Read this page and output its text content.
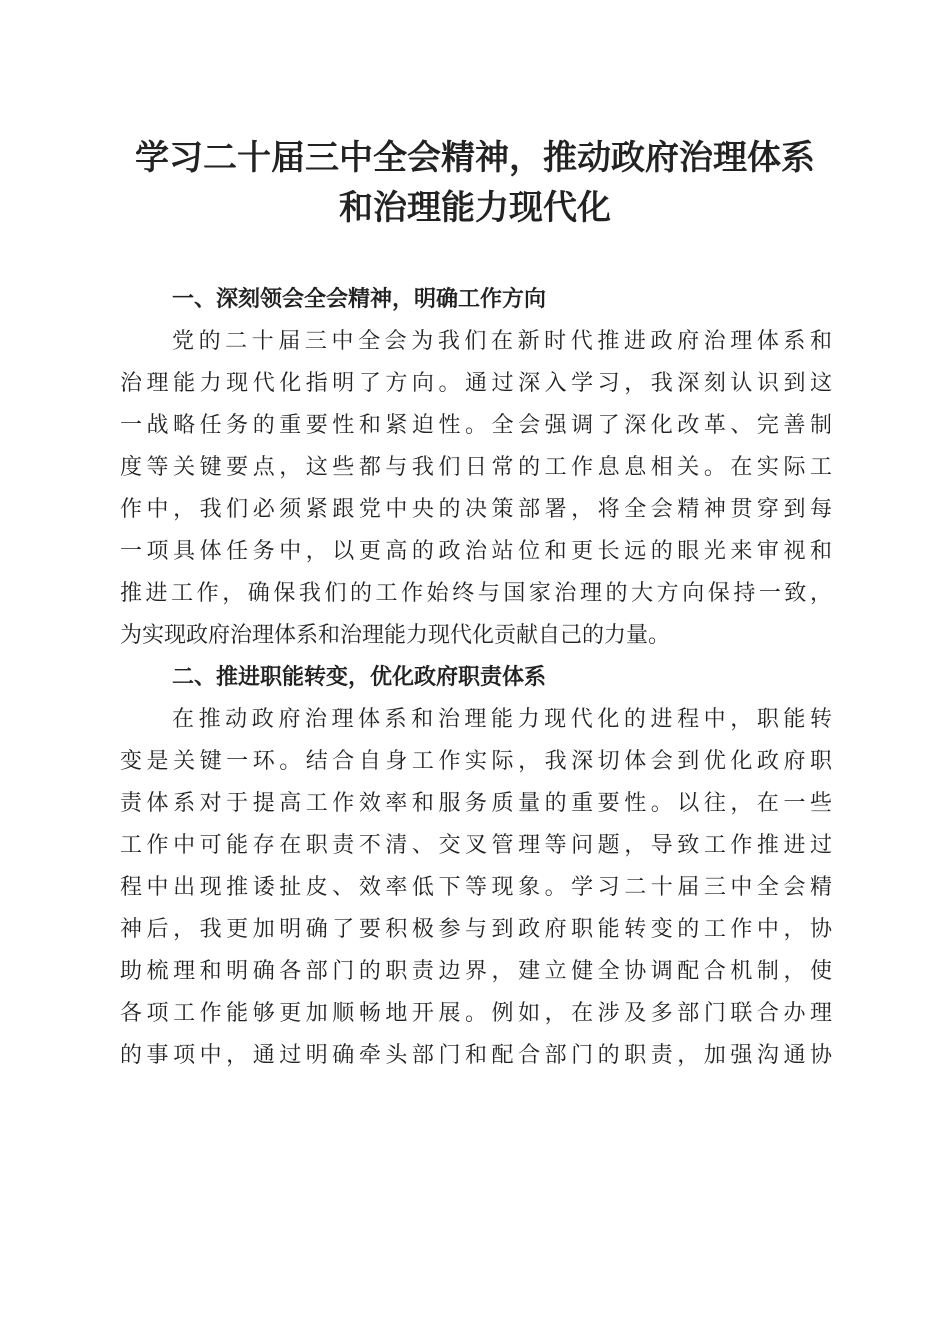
学习二十届三中全会精神，推动政府治理体系
和治理能力现代化
一、深刻领会全会精神，明确工作方向
党的二十届三中全会为我们在新时代推进政府治理体系和
治理能力现代化指明了方向。通过深入学习，我深刻认识到这
一战略任务的重要性和紧迫性。全会强调了深化改革、完善制
度等关键要点，这些都与我们日常的工作息息相关。在实际工
作中，我们必须紧跟党中央的决策部署，将全会精神贯穿到每
一项具体任务中，以更高的政治站位和更长远的眼光来审视和
推进工作，确保我们的工作始终与国家治理的大方向保持一致，
为实现政府治理体系和治理能力现代化贡献自己的力量。
二、推进职能转变，优化政府职责体系
在推动政府治理体系和治理能力现代化的进程中，职能转
变是关键一环。结合自身工作实际，我深切体会到优化政府职
责体系对于提高工作效率和服务质量的重要性。以往，在一些
工作中可能存在职责不清、交叉管理等问题，导致工作推进过
程中出现推诿扯皮、效率低下等现象。学习二十届三中全会精
神后，我更加明确了要积极参与到政府职能转变的工作中，协
助梳理和明确各部门的职责边界，建立健全协调配合机制，使
各项工作能够更加顺畅地开展。例如，在涉及多部门联合办理
的事项中，通过明确牵头部门和配合部门的职责，加强沟通协
